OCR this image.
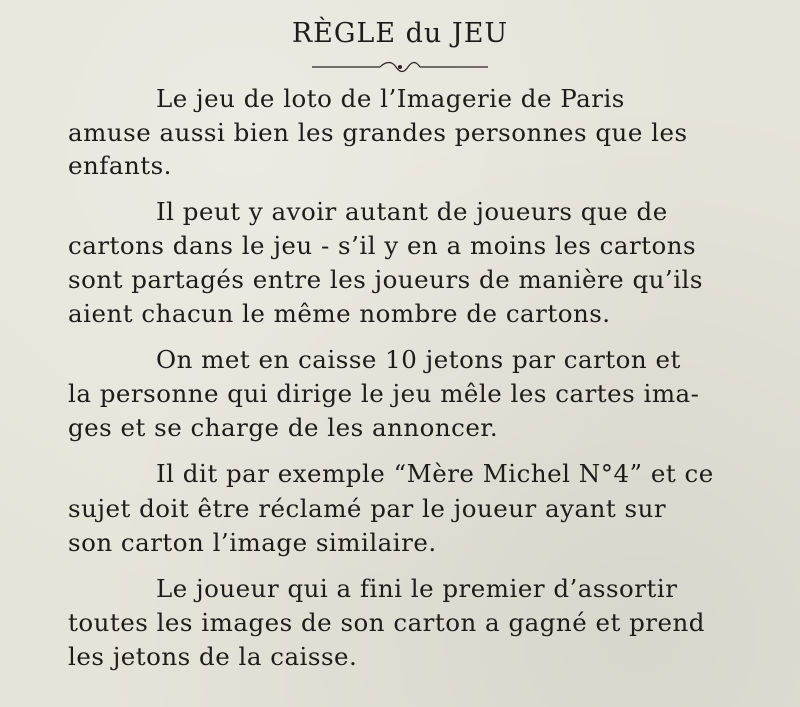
RÈGLE du JEU
Le jeu de loto de l’Imagerie de Paris
amuse aussi bien les grandes personnes que les
enfants.
Il peut y avoir autant de joueurs que de
cartons dans le jeu - s’il y en a moins les cartons
sont partagés entre les joueurs de manière qu’ils
aient chacun le même nombre de cartons.
On met en caisse 10 jetons par carton et
la personne qui dirige le jeu mêle les cartes ima-
ges et se charge de les annoncer.
Il dit par exemple “Mère Michel N°4” et ce
sujet doit être réclamé par le joueur ayant sur
son carton l’image similaire.
Le joueur qui a fini le premier d’assortir
toutes les images de son carton a gagné et prend
les jetons de la caisse.
